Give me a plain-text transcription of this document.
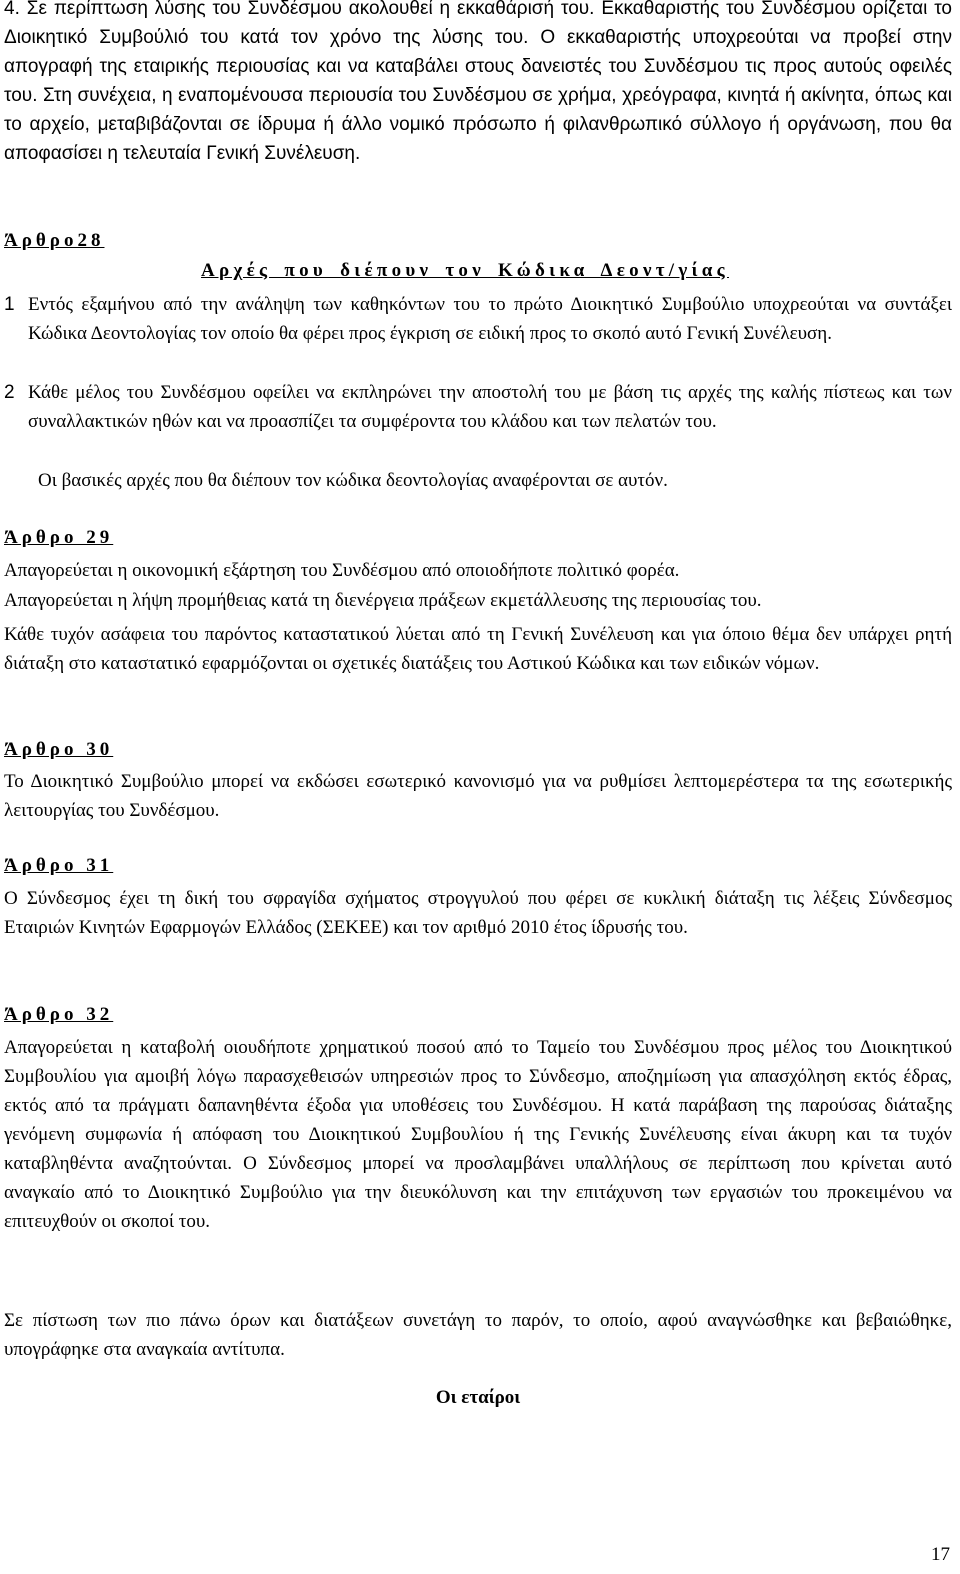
4. Σε περίπτωση λύσης του Συνδέσμου ακολουθεί η εκκαθάρισή του. Εκκαθαριστής του Συνδέσμου ορίζεται το Διοικητικό Συμβούλιό του κατά τον χρόνο της λύσης του. Ο εκκαθαριστής υποχρεούται να προβεί στην απογραφή της εταιρικής περιουσίας και να καταβάλει στους δανειστές του Συνδέσμου τις προς αυτούς οφειλές του. Στη συνέχεια, η εναπομένουσα περιουσία του Συνδέσμου σε χρήμα, χρεόγραφα, κινητά ή ακίνητα, όπως και το αρχείο, μεταβιβάζονται σε ίδρυμα ή άλλο νομικό πρόσωπο ή φιλανθρωπικό σύλλογο ή οργάνωση, που θα αποφασίσει η τελευταία Γενική Συνέλευση.

Άρθρο28

Αρχές που διέπουν τον Κώδικα Δεοντ/γίας

1 Εντός εξαμήνου από την ανάληψη των καθηκόντων του το πρώτο Διοικητικό Συμβούλιο υποχρεούται να συντάξει Κώδικα Δεοντολογίας τον οποίο θα φέρει προς έγκριση σε ειδική προς το σκοπό αυτό Γενική Συνέλευση.

2 Κάθε μέλος του Συνδέσμου οφείλει να εκπληρώνει την αποστολή του με βάση τις αρχές της καλής πίστεως και των συναλλακτικών ηθών και να προασπίζει τα συμφέροντα του κλάδου και των πελατών του.

Οι βασικές αρχές που θα διέπουν τον κώδικα δεοντολογίας αναφέρονται σε αυτόν.

Άρθρο 29

Απαγορεύεται η οικονομική εξάρτηση του Συνδέσμου από οποιοδήποτε πολιτικό φορέα.

Απαγορεύεται η λήψη προμήθειας κατά τη διενέργεια πράξεων εκμετάλλευσης της περιουσίας του.

Κάθε τυχόν ασάφεια του παρόντος καταστατικού λύεται από τη Γενική Συνέλευση και για όποιο θέμα δεν υπάρχει ρητή διάταξη στο καταστατικό εφαρμόζονται οι σχετικές διατάξεις του Αστικού Κώδικα και των ειδικών νόμων.

Άρθρο 30

Το Διοικητικό Συμβούλιο μπορεί να εκδώσει εσωτερικό κανονισμό για να ρυθμίσει λεπτομερέστερα τα της εσωτερικής λειτουργίας του Συνδέσμου.

Άρθρο 31

Ο Σύνδεσμος έχει τη δική του σφραγίδα σχήματος στρογγυλού που φέρει σε κυκλική διάταξη τις λέξεις Σύνδεσμος Εταιριών Κινητών Εφαρμογών Ελλάδος (ΣΕΚΕΕ) και τον αριθμό 2010 έτος ίδρυσής του.

Άρθρο 32

Απαγορεύεται η καταβολή οιουδήποτε χρηματικού ποσού από το Ταμείο του Συνδέσμου προς μέλος του Διοικητικού Συμβουλίου για αμοιβή λόγω παρασχεθεισών υπηρεσιών προς το Σύνδεσμο, αποζημίωση για απασχόληση εκτός έδρας, εκτός από τα πράγματι δαπανηθέντα έξοδα για υποθέσεις του Συνδέσμου. Η κατά παράβαση της παρούσας διάταξης γενόμενη συμφωνία ή απόφαση του Διοικητικού Συμβουλίου ή της Γενικής Συνέλευσης είναι άκυρη και τα τυχόν καταβληθέντα αναζητούνται. Ο Σύνδεσμος μπορεί να προσλαμβάνει υπαλλήλους σε περίπτωση που κρίνεται αυτό αναγκαίο από το Διοικητικό Συμβούλιο για την διευκόλυνση και την επιτάχυνση των εργασιών του προκειμένου να επιτευχθούν οι σκοποί του.

Σε πίστωση των πιο πάνω όρων και διατάξεων συνετάγη το παρόν, το οποίο, αφού αναγνώσθηκε και βεβαιώθηκε, υπογράφηκε στα αναγκαία αντίτυπα.

Οι εταίροι

17
